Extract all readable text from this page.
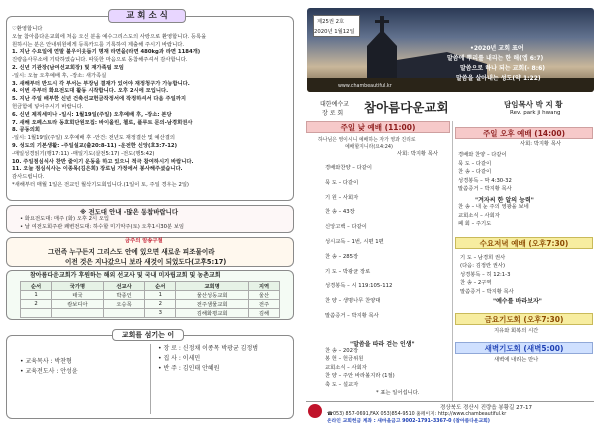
교 회 소 식
♡환영합니다
오늘 참아름다운교회에 처음 오신 분을 예수그리스도의 사랑으로 환영합니다. 등록을
원하시는 분은 안내위원에게 등록카드를 기록하여 제출해 주시기 바랍니다.
1. 지난 수요일에 연말 불우이웃돕기 명재 라면을(라면 480kg과 라면 1184개)
진량읍사무소에 기탁하였습니다. 따뜻한 마음으로 동참해주셔서 감사합니다.
2. 신년 기관장(남여선교회장) 및 재가족팀 모임
-일시: 오늘 오후예배 후, -장소: 새가족실
3. 새해부터 반드시 각 부서는 부장님 결재가 있어야 재정청구가 가능합니다.
4. 이번 주부터 화요전도대 활동 시작합니다. 오후 2시에 모입니다.
5. 지난 주일 배부한 신년 건축선교헌금작정서에 작정하셔서 다음 주일까지
헌금함에 넣어주시기 바랍니다.
6. 신년 제직세미나 -일시: 1월19일(주일) 오후예배 후, -장소: 본당
7. 새해 오페스트라 동호회단원모집: 바이올린, 첼로, 플루트 문의-남경희권사
8. 공동의회
-일시: 1월19일(주일) 오후예배 후 -안건: 전년도 재정결산 및 예산결의
9. 성도의 기본생활: -주일설교(출20:8-11) -운전한 신앙(호3:7-12)
-매일성경읽기(행17:11) -매일기도(살전5:17) -전도(행5:42)
10. 주일점심식사 찬반 줄이기 운동을 하고 있으니 적극 참여하시기 바랍니다.
11. 오늘 점심식사는 이종목(김은희) 장로님 가정에서 봉사해주셨습니다.
감사드립니다.
*새해부터 매월 1일은 전교인 월삭기도회입니다.(1일이 토, 주일 경우는 2일)
※ 전도대 안내 -많은 동참바랍니다
• 화요전도대: 매주 (화) 오후 2시 오입
• 날 여전도회주관 쾌변전도대: 하수할 미기악주(토) 오후1시30분 보임
금주의 암송구절
그런즉 누구든지 그리스도 안에 있으면 새로운 피조물이라
이전 것은 지나갔으니 보라 새것이 되었도다(고후5:17)
참아름다운교회가 후원하는 해외 선교사 및 국내 미자립교회 및 농촌교회
순서	국가명	선교사	순서	교회명	지역
1	태국	박종인	1	물산성동교회	울산
2	캄보디아	오승목	2	전주샘물교회	전주
			3	김해화평교회	김해
교회를 섬기는 이
• 교육목사 : 박찬형
• 교육전도사 : 안성윤
• 장 로 : 신정채 이종목 박광균 김정범
• 집 사 : 이세민
• 반 주 : 김인태 안혜원
제25권 2호
2020년 1월12일
•2020년 교회 표어
말씀에 뿌리를 내리는 한 해(엡 6:7)
말씀으로 하나 되는 교회(- 8:6)
말씀을 살아내는 성도(약 1:22)
www.chambeautiful.kr
대한예수교
장 로 회 참아름다운교회	담임목사 박 지 황
Rev. park ji hwang
주일 낮 예배 (11:00)
하나님은 영이시니 예배하는 자가 영과 진리로
예배할지니라(요4:24)
사회: 박지황 목사
경배와찬양 – 다같이
묵 도 – 다같이
기 원 – 사회자
찬 송 – 43장
신앙고백 – 다같이
성시교독 – 1번, 시편 1편
찬 송 – 285장
기 도 – 박광균 장로
성경봉독 – 시 119:105-112
찬 양 – 생명나무 찬양대
말씀증거 – 박지황 목사
"말씀을 따라 걷는 인생"
찬 송 – 202장
봉 헌 – 헌금위원
교회소식 – 사회자
찬 양 – 주안 바라볼지라 (1절)
축 도 – 설교자
* 표는 일어섭니다.
주일 오후 예배 (14:00)
사회: 박지황 목사
경배와 찬양 – 다같이
묵 도 – 다같이
찬 송 – 다같이
성경봉독 – 막 4:30-32
말씀증거 – 박지황 목사
"겨자씨 한 알의 능력"
찬 송 – 내 눈 주의 영광을 보네
교회소식 – 사회자
폐 회 – 주기도
수요저녁 예배 (오후7:30)
기 도 – 남경희 권사
(다음: 김정란 권사)
성경봉독 – 히 12:1-3
찬 송 – 2구역
말씀증거 – 박지황 목사
"예수를 바라보자"
금요기도회 (오후7:30)
지유와 회복의 시간
새벽기도회 (새벽5:00)
새벽에 내리는 만나
경상북도 경산시 진량읍 봉황길 27-17
☎053) 857-0691,FAX 053)854-9510 홈페이지: http://www.chambeautiful.kr
온라인 교회헌금 계좌 : 새마을금고 9002-1791-3367-0 (참아름다운교회)
